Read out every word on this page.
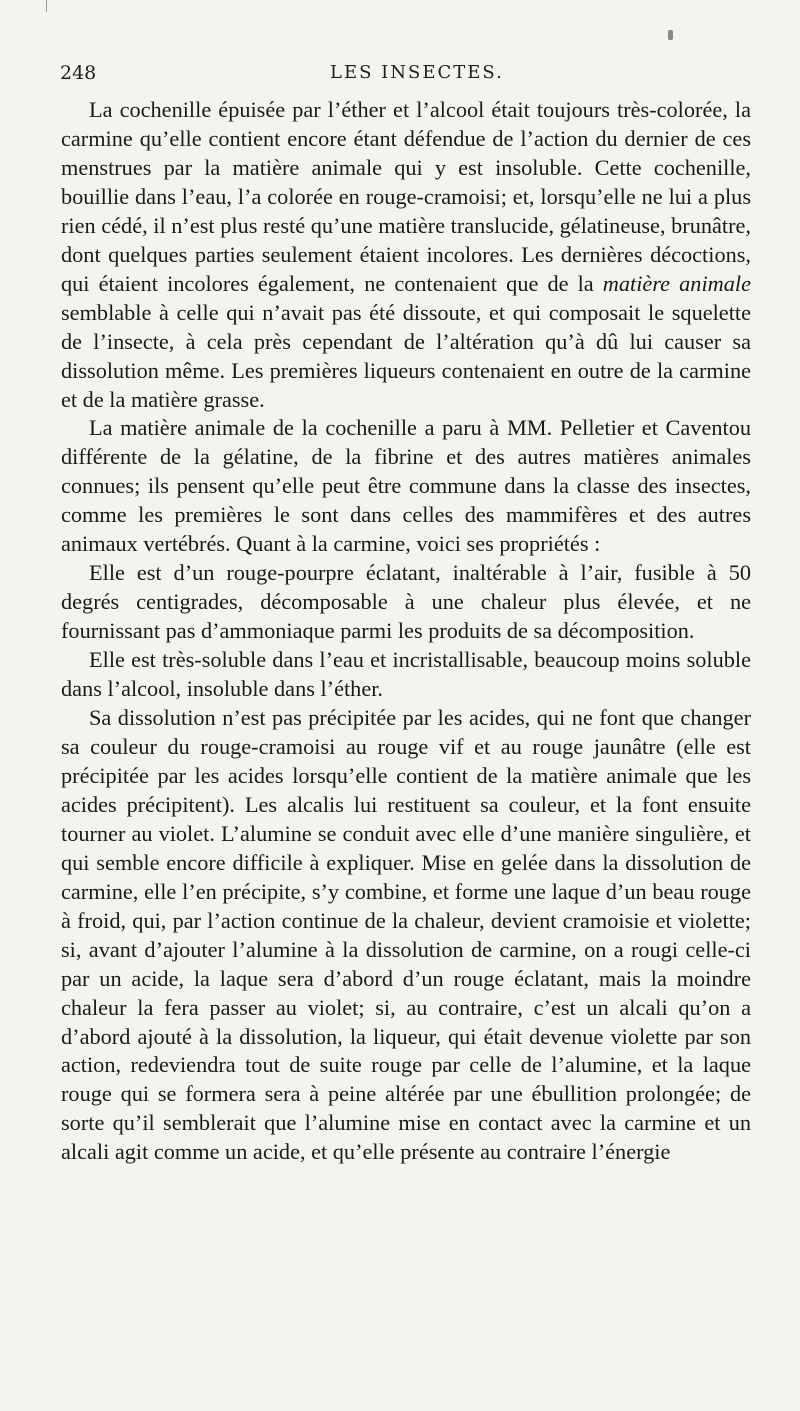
248	LES INSECTES.

La cochenille épuisée par l’éther et l’alcool était toujours très-colorée, la carmine qu’elle contient encore étant défendue de l’action du dernier de ces menstrues par la matière animale qui y est insoluble. Cette cochenille, bouillie dans l’eau, l’a colorée en rouge-cramoisi; et, lorsqu’elle ne lui a plus rien cédé, il n’est plus resté qu’une matière translucide, gélatineuse, brunâtre, dont quelques parties seulement étaient incolores. Les dernières décoctions, qui étaient incolores également, ne contenaient que de la matière animale semblable à celle qui n’avait pas été dissoute, et qui composait le squelette de l’insecte, à cela près cependant de l’altération qu’à dû lui causer sa dissolution même. Les premières liqueurs contenaient en outre de la carmine et de la matière grasse.

La matière animale de la cochenille a paru à MM. Pelletier et Caventou différente de la gélatine, de la fibrine et des autres matières animales connues; ils pensent qu’elle peut être commune dans la classe des insectes, comme les premières le sont dans celles des mammifères et des autres animaux vertébrés. Quant à la carmine, voici ses propriétés :

Elle est d’un rouge-pourpre éclatant, inaltérable à l’air, fusible à 50 degrés centigrades, décomposable à une chaleur plus élevée, et ne fournissant pas d’ammoniaque parmi les produits de sa décomposition.

Elle est très-soluble dans l’eau et incristallisable, beaucoup moins soluble dans l’alcool, insoluble dans l’éther.

Sa dissolution n’est pas précipitée par les acides, qui ne font que changer sa couleur du rouge-cramoisi au rouge vif et au rouge jaunâtre (elle est précipitée par les acides lorsqu’elle contient de la matière animale que les acides précipitent). Les alcalis lui restituent sa couleur, et la font ensuite tourner au violet. L’alumine se conduit avec elle d’une manière singulière, et qui semble encore difficile à expliquer. Mise en gelée dans la dissolution de carmine, elle l’en précipite, s’y combine, et forme une laque d’un beau rouge à froid, qui, par l’action continue de la chaleur, devient cramoisie et violette; si, avant d’ajouter l’alumine à la dissolution de carmine, on a rougi celle-ci par un acide, la laque sera d’abord d’un rouge éclatant, mais la moindre chaleur la fera passer au violet; si, au contraire, c’est un alcali qu’on a d’abord ajouté à la dissolution, la liqueur, qui était devenue violette par son action, redeviendra tout de suite rouge par celle de l’alumine, et la laque rouge qui se formera sera à peine altérée par une ébullition prolongée; de sorte qu’il semblerait que l’alumine mise en contact avec la carmine et un alcali agit comme un acide, et qu’elle présente au contraire l’énergie
